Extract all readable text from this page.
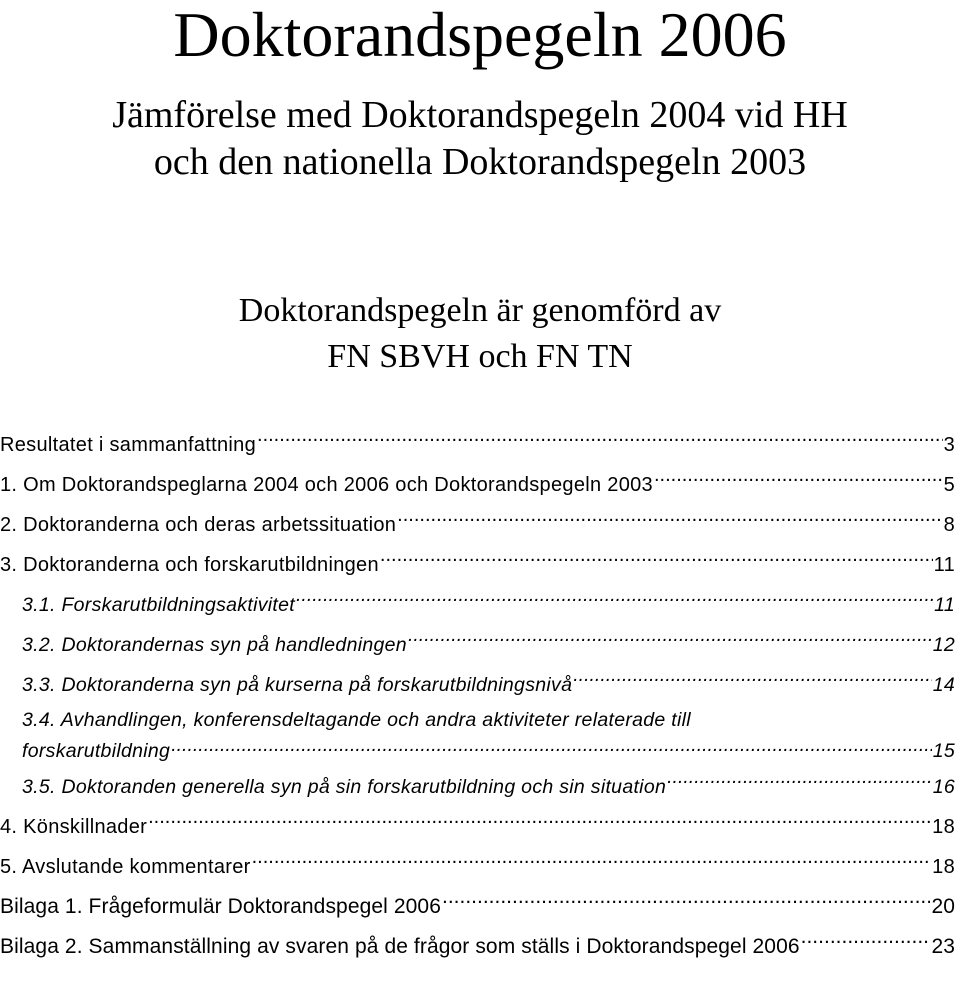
Doktorandspegeln 2006
Jämförelse med Doktorandspegeln 2004 vid HH
och den nationella Doktorandspegeln 2003
Doktorandspegeln är genomförd av
FN SBVH och FN TN
Resultatet i sammanfattning .....	3
1. Om Doktorandspeglarna 2004 och 2006 och Doktorandspegeln 2003 .....	5
2. Doktoranderna och deras arbetssituation .....	8
3. Doktoranderna och forskarutbildningen .....	11
3.1. Forskarutbildningsaktivitet .....	11
3.2. Doktorandernas syn på handledningen .....	12
3.3. Doktoranderna syn på kurserna på forskarutbildningsnivå .....	14
3.4. Avhandlingen, konferensdeltagande och andra aktiviteter relaterade till
forskarutbildning .....	15
3.5. Doktoranden generella syn på sin forskarutbildning och sin situation .....	16
4. Könskillnader .....	18
5. Avslutande kommentarer .....	18
Bilaga 1. Frågeformulär Doktorandspegel 2006 .....	20
Bilaga 2. Sammanställning av svaren på de frågor som ställs i Doktorandspegel 2006 .....	23
